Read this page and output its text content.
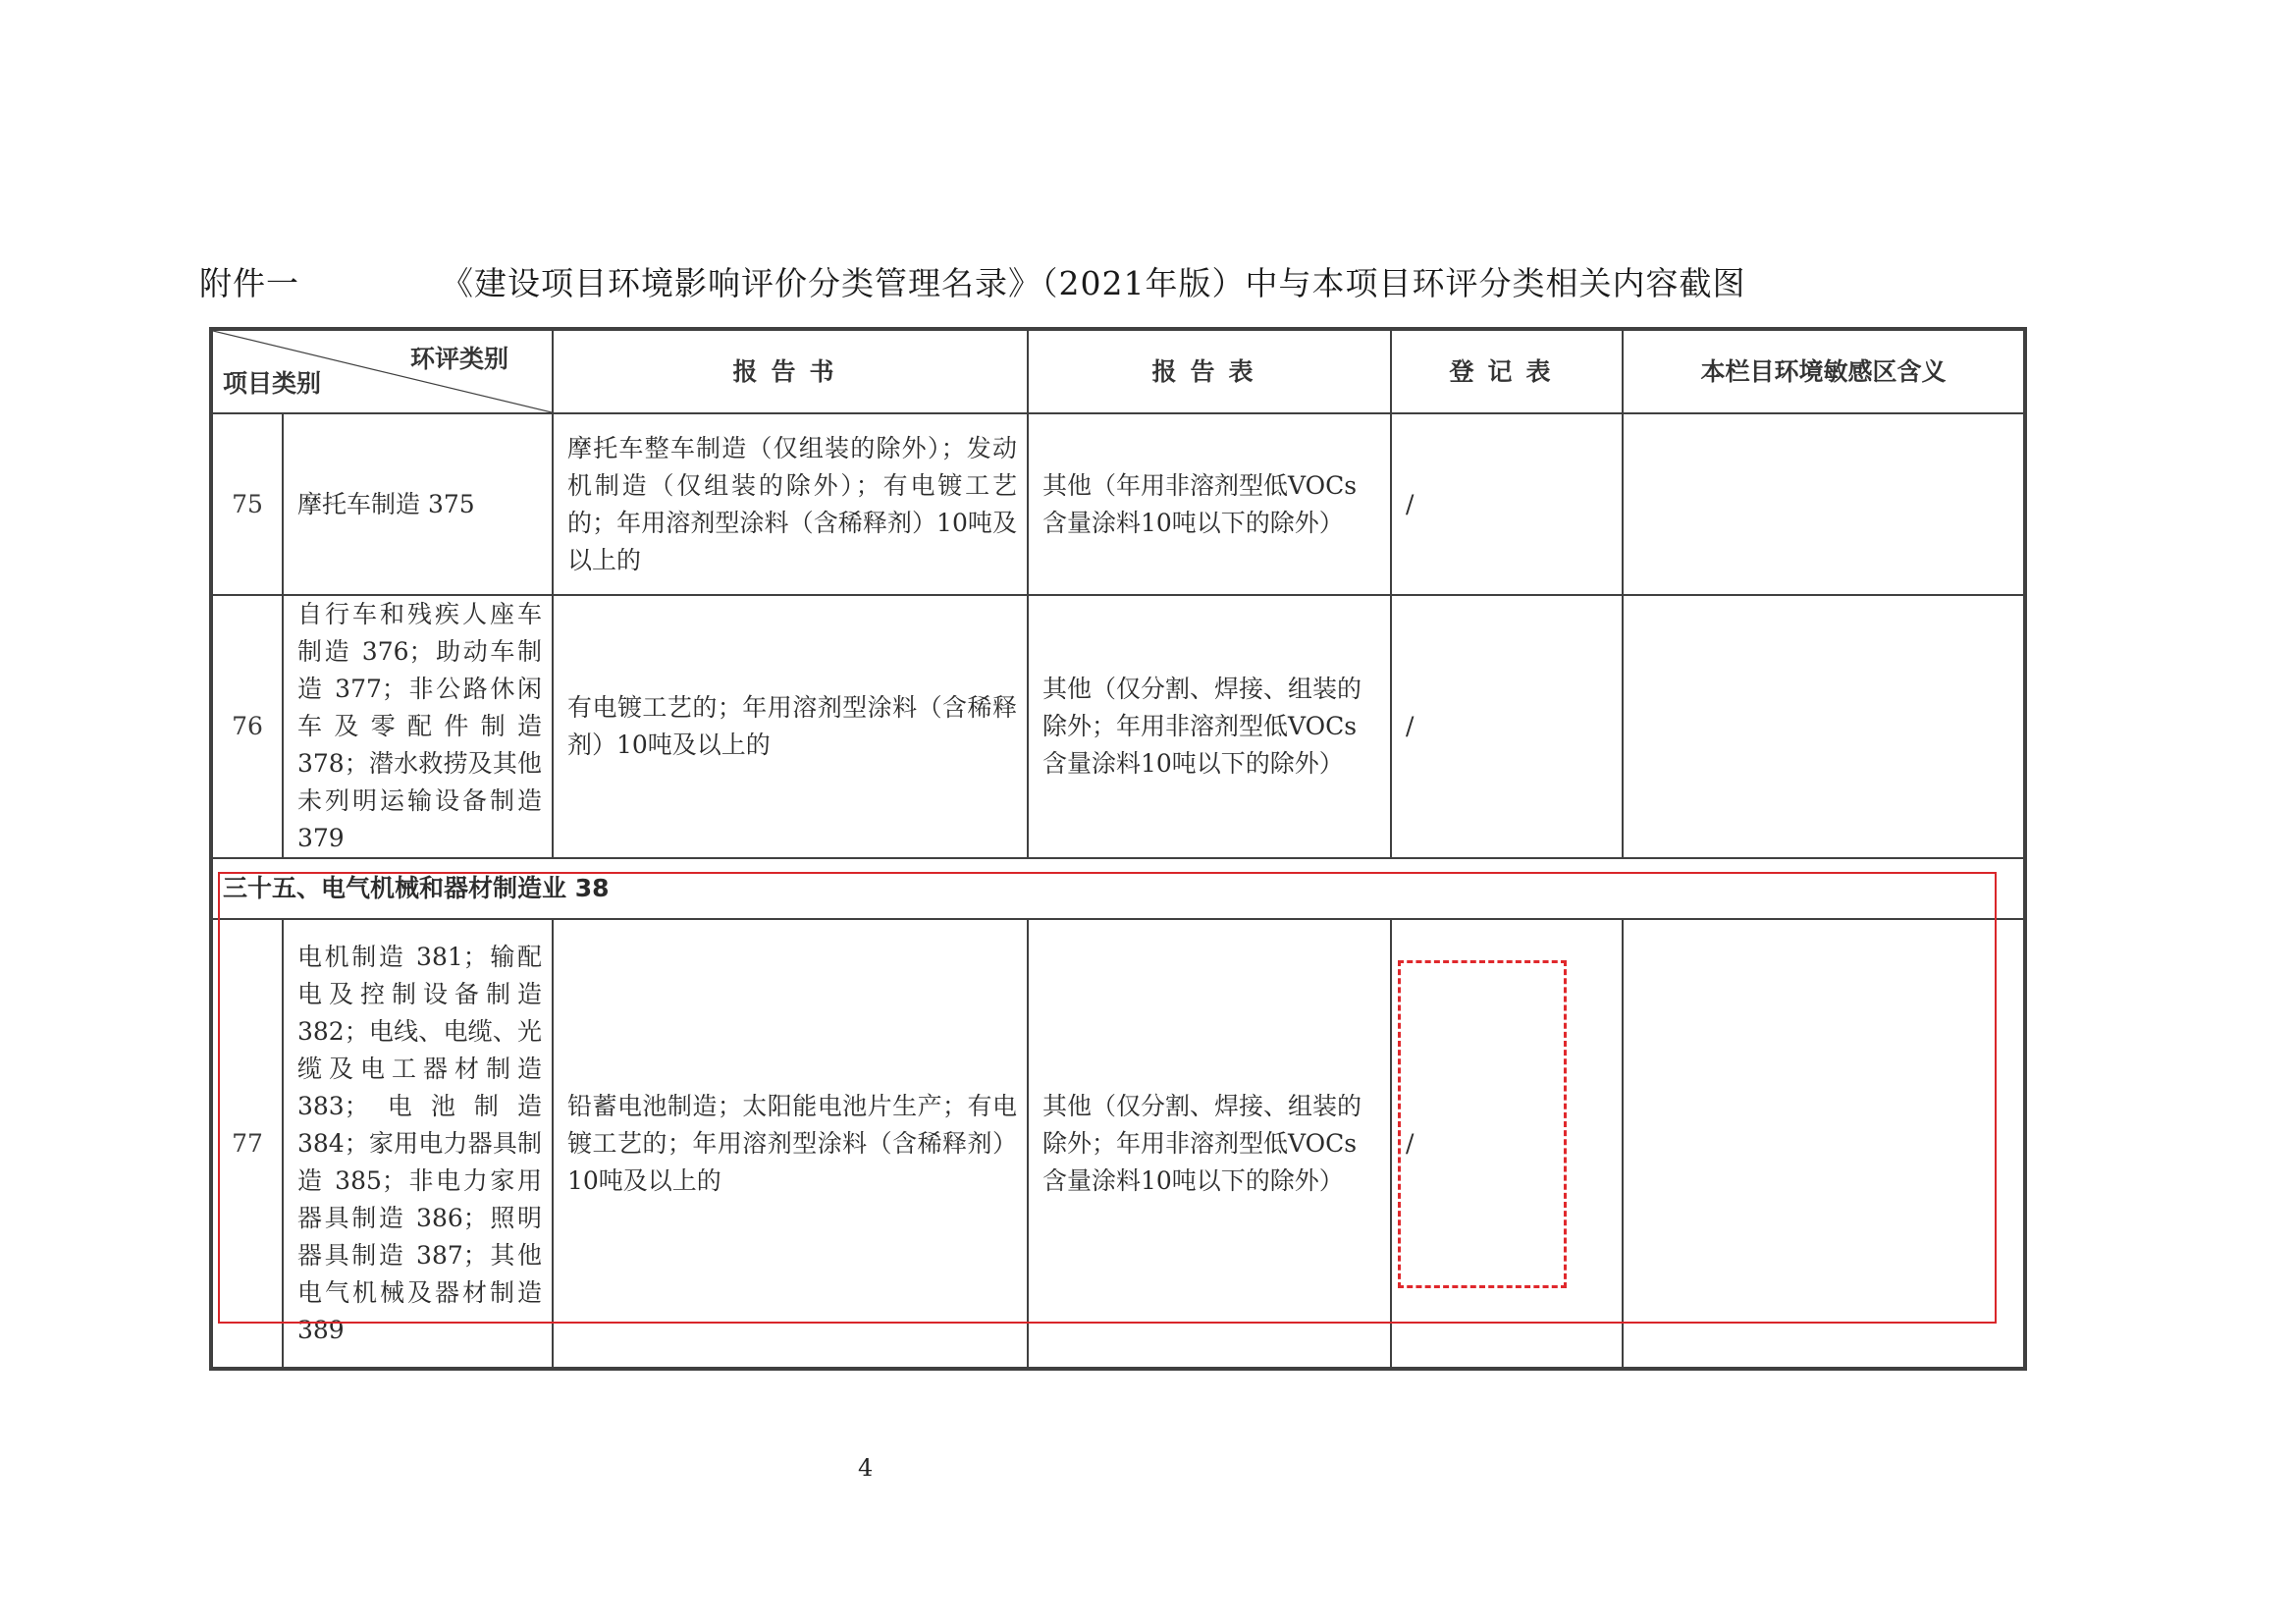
附件一	《建设项目环境影响评价分类管理名录》（2021年版）中与本项目环评分类相关内容截图
环评类别
项目类别		报告书	报告表	登记表	本栏目环境敏感区含义
75	摩托车制造 375	摩托车整车制造（仅组装的除外）；发动机制造（仅组装的除外）；有电镀工艺的；年用溶剂型涂料（含稀释剂）10吨及以上的	其他（年用非溶剂型低VOCs含量涂料10吨以下的除外）	/	
76	自行车和残疾人座车制造 376；助动车制造 377；非公路休闲车及零配件制造 378；潜水救捞及其他未列明运输设备制造 379	有电镀工艺的；年用溶剂型涂料（含稀释剂）10吨及以上的	其他（仅分割、焊接、组装的除外；年用非溶剂型低VOCs含量涂料10吨以下的除外）	/	
三十五、电气机械和器材制造业 38					
77	电机制造 381；输配电及控制设备制造 382；电线、电缆、光缆及电工器材制造 383；电池制造 384；家用电力器具制造 385；非电力家用器具制造 386；照明器具制造 387；其他电气机械及器材制造 389	铅蓄电池制造；太阳能电池片生产；有电镀工艺的；年用溶剂型涂料（含稀释剂）10吨及以上的	其他（仅分割、焊接、组装的除外；年用非溶剂型低VOCs含量涂料10吨以下的除外）	/	
4
